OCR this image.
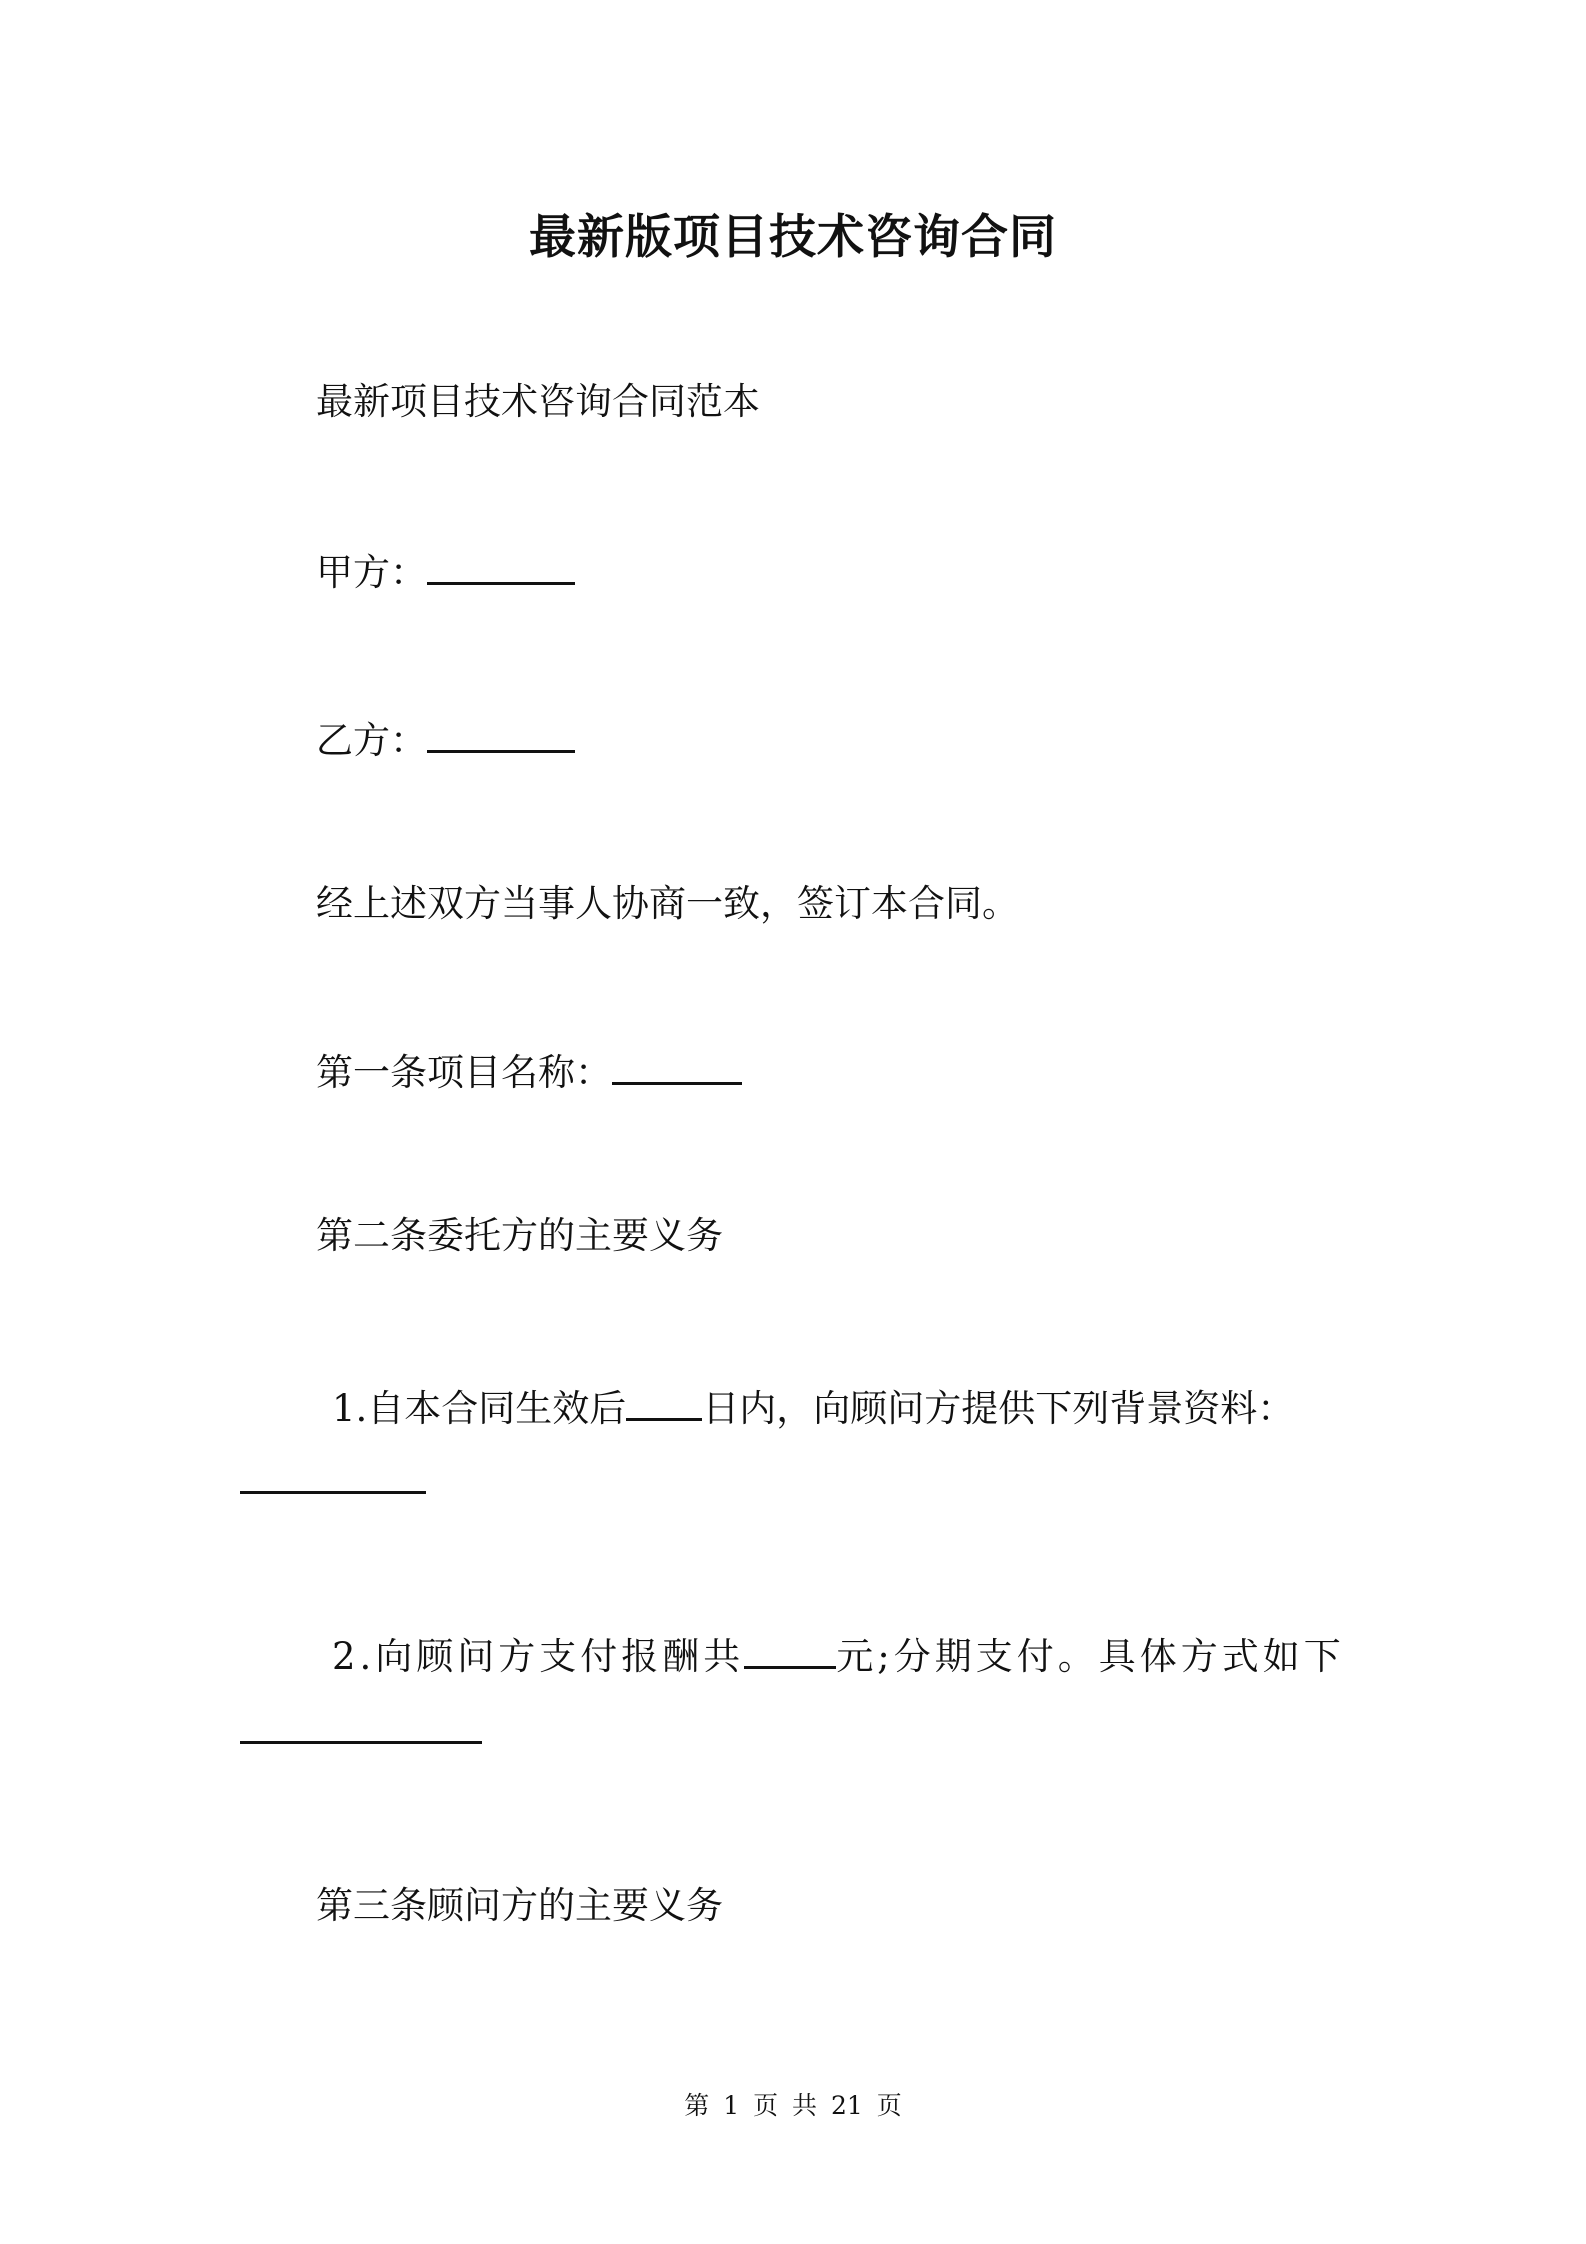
最新版项目技术咨询合同
最新项目技术咨询合同范本
甲方：
乙方：
经上述双方当事人协商一致，签订本合同。
第一条项目名称：
第二条委托方的主要义务
1.自本合同生效后 日内，向顾问方提供下列背景资料：
2.向顾问方支付报酬共 元;分期支付。具体方式如下
第三条顾问方的主要义务
第 1 页 共 21 页
